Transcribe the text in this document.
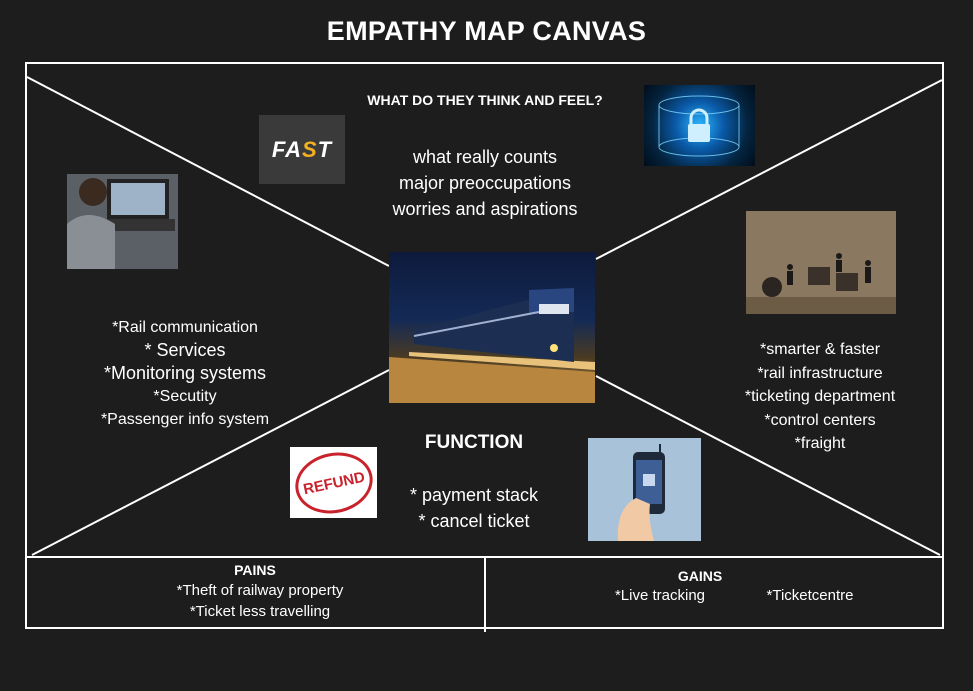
EMPATHY MAP CANVAS
FA S T
REFUND
WHAT DO THEY THINK AND FEEL?
what really counts
major preoccupations
worries and aspirations
*Rail communication
* Services
*Monitoring systems
*Secutity
*Passenger info system
*smarter & faster
*rail infrastructure
*ticketing department
*control centers
*fraight
FUNCTION
* payment stack
* cancel ticket
PAINS
*Theft of railway property
*Ticket less travelling
GAINS
*Live tracking	*Ticketcentre
